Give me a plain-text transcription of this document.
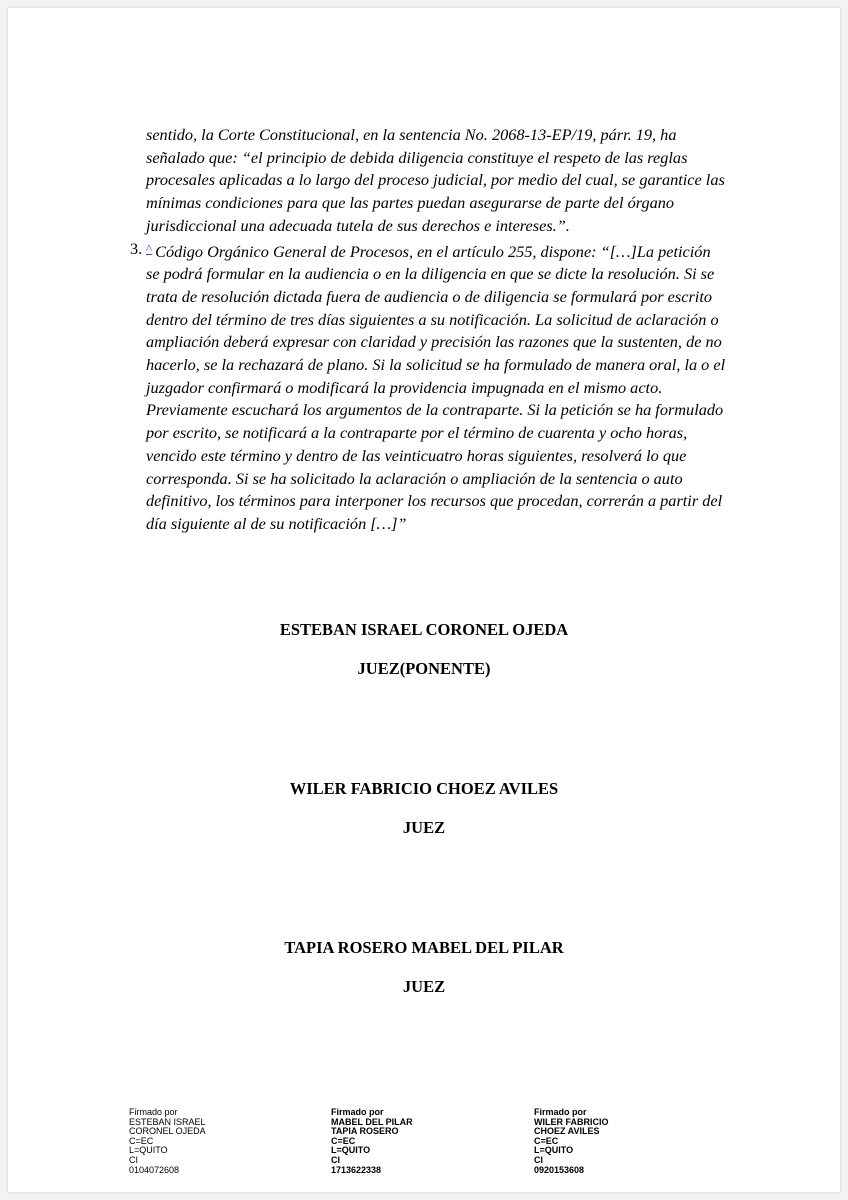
sentido, la Corte Constitucional, en la sentencia No. 2068-13-EP/19, párr. 19, ha señalado que: “el principio de debida diligencia constituye el respeto de las reglas procesales aplicadas a lo largo del proceso judicial, por medio del cual, se garantice las mínimas condiciones para que las partes puedan asegurarse de parte del órgano jurisdiccional una adecuada tutela de sus derechos e intereses.”.

3. ^ Código Orgánico General de Procesos, en el artículo 255, dispone: “[…]La petición se podrá formular en la audiencia o en la diligencia en que se dicte la resolución. Si se trata de resolución dictada fuera de audiencia o de diligencia se formulará por escrito dentro del término de tres días siguientes a su notificación. La solicitud de aclaración o ampliación deberá expresar con claridad y precisión las razones que la sustenten, de no hacerlo, se la rechazará de plano. Si la solicitud se ha formulado de manera oral, la o el juzgador confirmará o modificará la providencia impugnada en el mismo acto. Previamente escuchará los argumentos de la contraparte. Si la petición se ha formulado por escrito, se notificará a la contraparte por el término de cuarenta y ocho horas, vencido este término y dentro de las veinticuatro horas siguientes, resolverá lo que corresponda. Si se ha solicitado la aclaración o ampliación de la sentencia o auto definitivo, los términos para interponer los recursos que procedan, correrán a partir del día siguiente al de su notificación […]”

ESTEBAN ISRAEL CORONEL OJEDA
JUEZ(PONENTE)
WILER FABRICIO CHOEZ AVILES
JUEZ
TAPIA ROSERO MABEL DEL PILAR
JUEZ
Firmado por
ESTEBAN ISRAEL
CORONEL OJEDA
C=EC
L=QUITO
CI
0104072608
Firmado por
MABEL DEL PILAR
TAPIA ROSERO
C=EC
L=QUITO
CI
1713622338
Firmado por
WILER FABRICIO
CHOEZ AVILES
C=EC
L=QUITO
CI
0920153608
